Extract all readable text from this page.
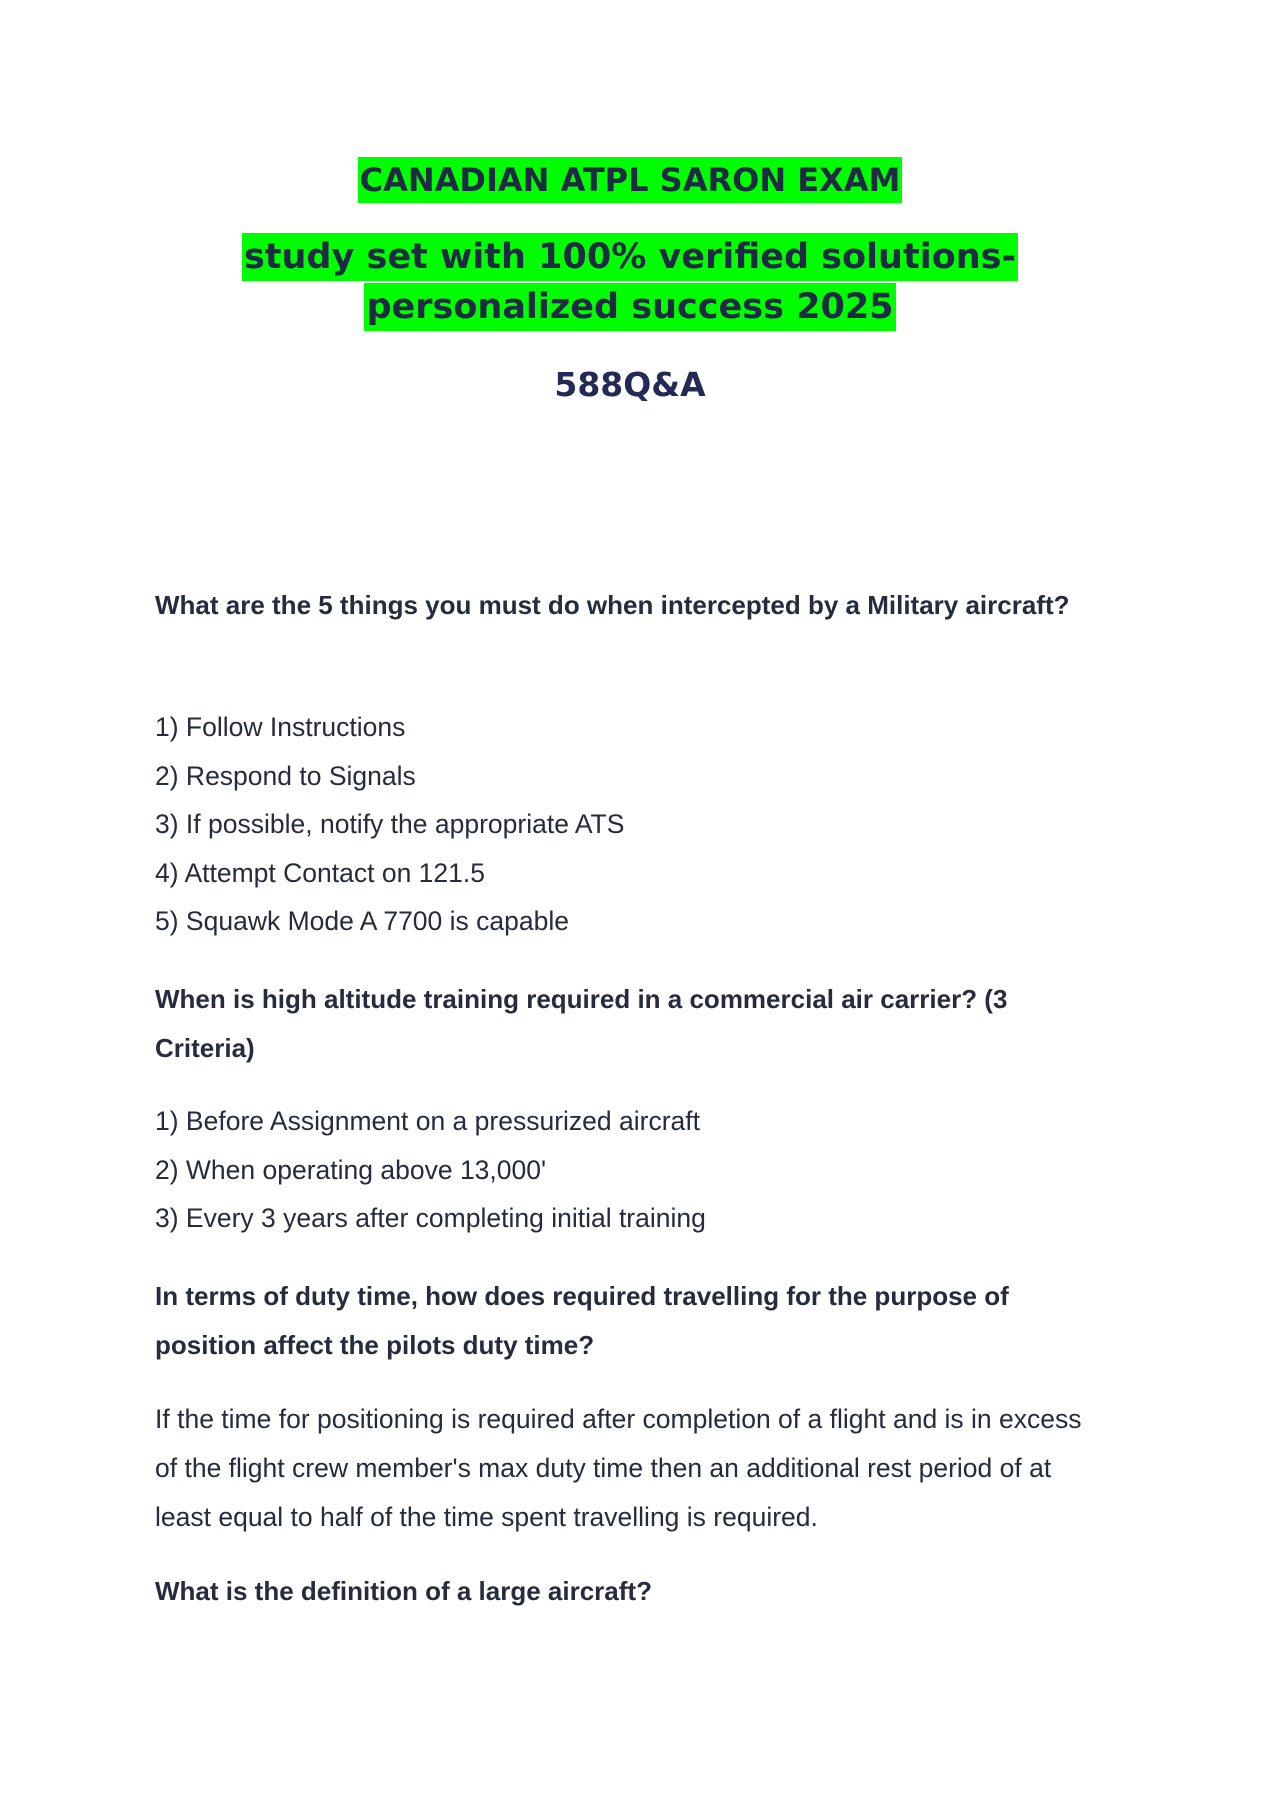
CANADIAN ATPL SARON EXAM
study set with 100% verified solutions-personalized success 2025
588Q&A

What are the 5 things you must do when intercepted by a Military aircraft?

1) Follow Instructions
2) Respond to Signals
3) If possible, notify the appropriate ATS
4) Attempt Contact on 121.5
5) Squawk Mode A 7700 is capable

When is high altitude training required in a commercial air carrier? (3 Criteria)

1) Before Assignment on a pressurized aircraft
2) When operating above 13,000'
3) Every 3 years after completing initial training

In terms of duty time, how does required travelling for the purpose of position affect the pilots duty time?

If the time for positioning is required after completion of a flight and is in excess of the flight crew member's max duty time then an additional rest period of at least equal to half of the time spent travelling is required.

What is the definition of a large aircraft?
